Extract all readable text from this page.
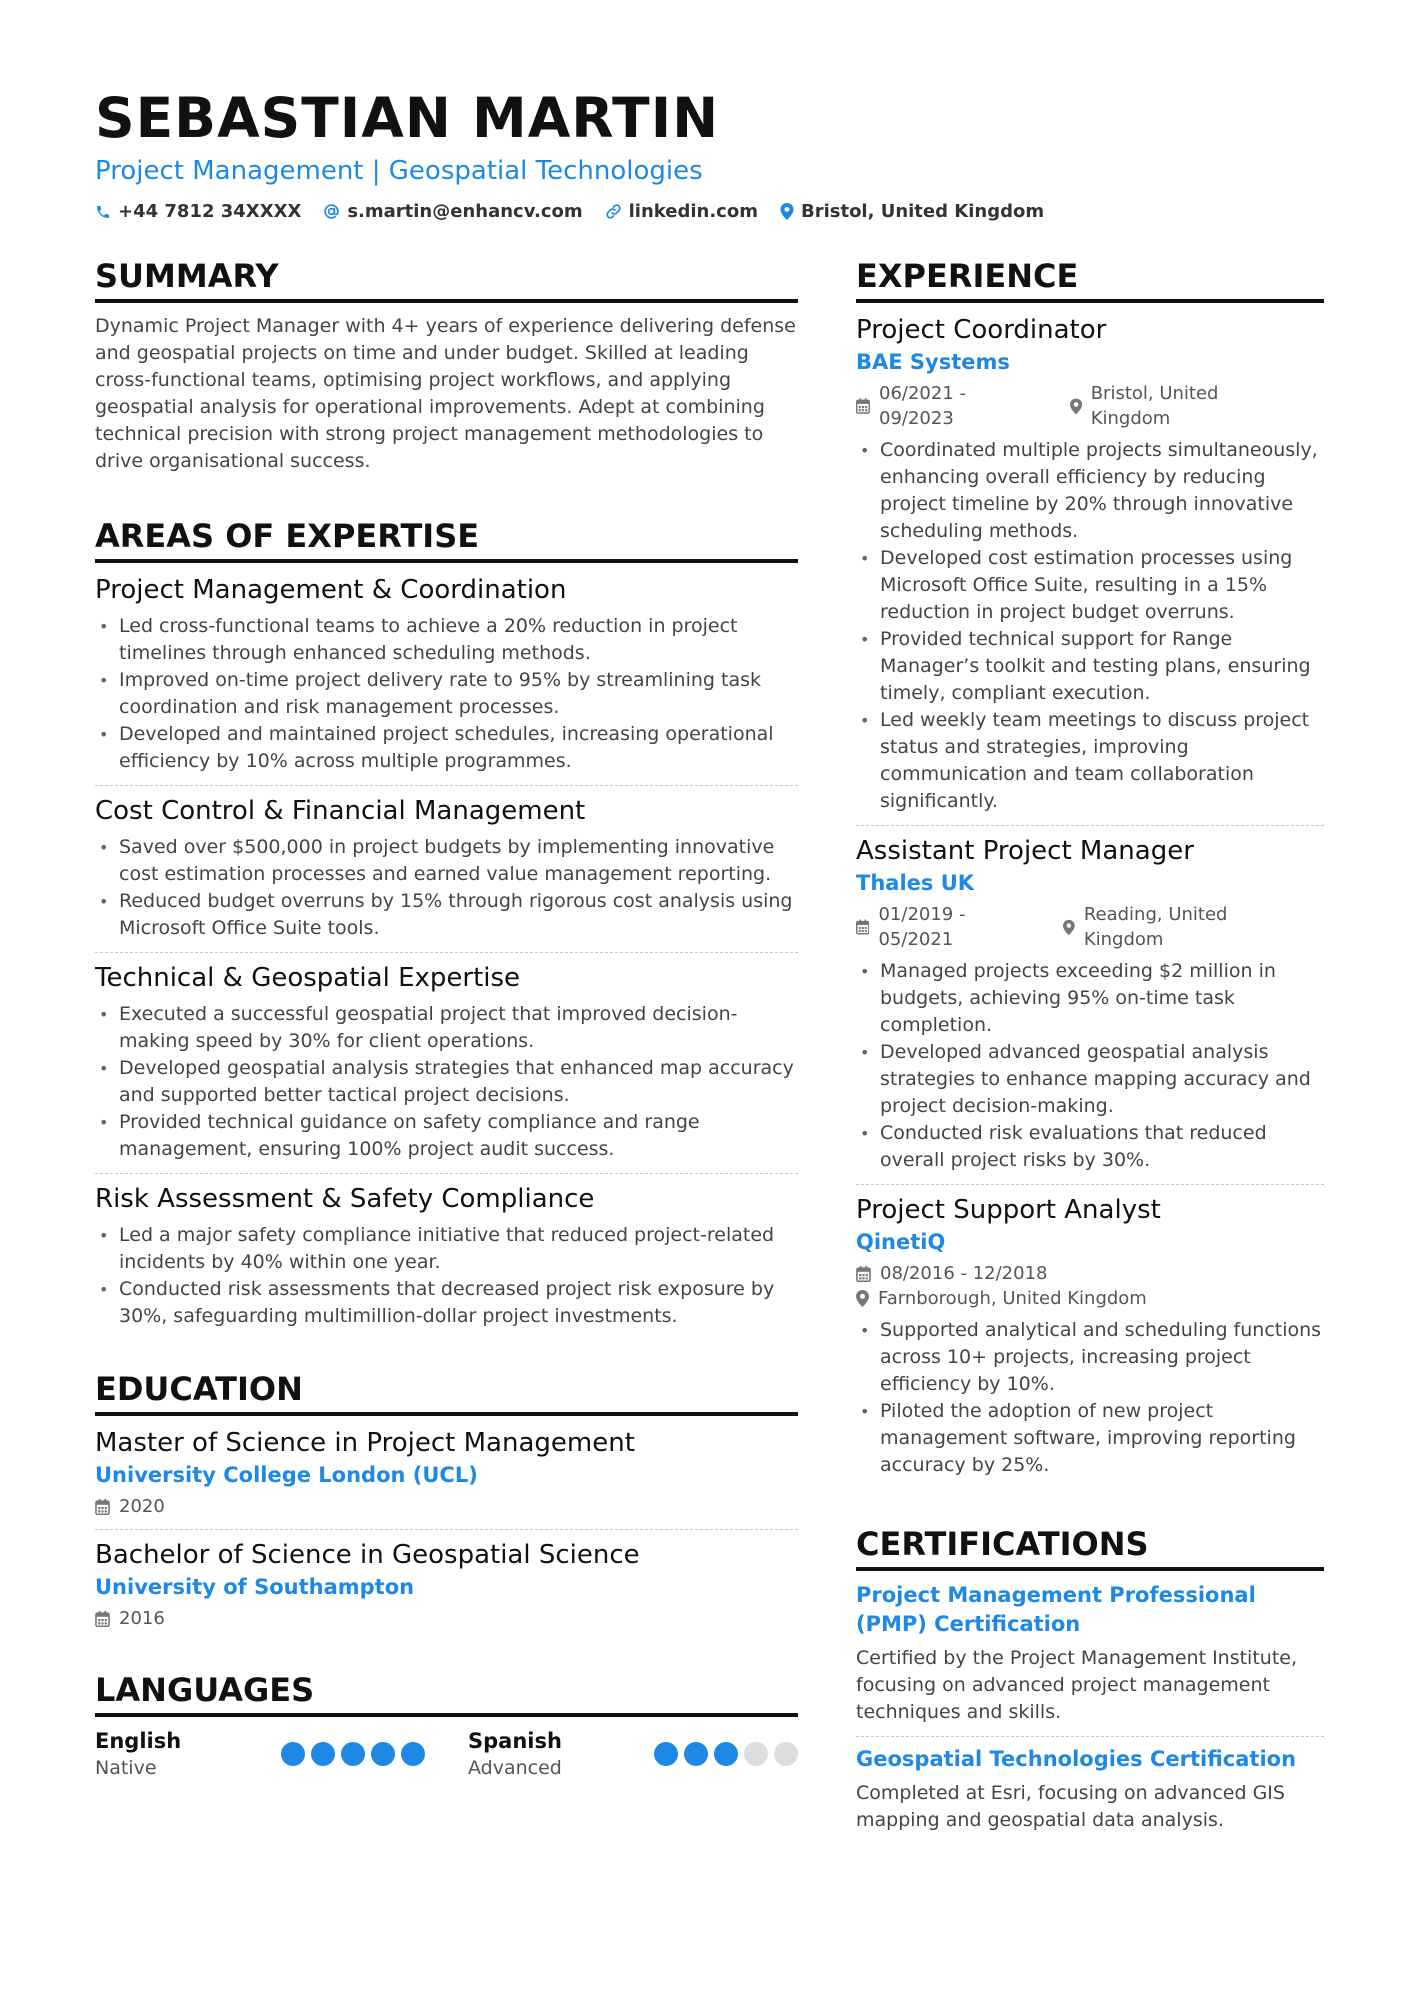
SEBASTIAN MARTIN
Project Management | Geospatial Technologies
+44 7812 34XXXX	s.martin@enhancv.com	linkedin.com Bristol, United Kingdom
SUMMARY
Dynamic Project Manager with 4+ years of experience delivering defense and geospatial projects on time and under budget. Skilled at leading cross-functional teams, optimising project workflows, and applying geospatial analysis for operational improvements. Adept at combining technical precision with strong project management methodologies to drive organisational success.
AREAS OF EXPERTISE
Project Management & Coordination
• Led cross-functional teams to achieve a 20% reduction in project timelines through enhanced scheduling methods.
• Improved on-time project delivery rate to 95% by streamlining task coordination and risk management processes.
• Developed and maintained project schedules, increasing operational efficiency by 10% across multiple programmes.
Cost Control & Financial Management
• Saved over $500,000 in project budgets by implementing innovative cost estimation processes and earned value management reporting.
• Reduced budget overruns by 15% through rigorous cost analysis using Microsoft Office Suite tools.
Technical & Geospatial Expertise
• Executed a successful geospatial project that improved decision-making speed by 30% for client operations.
• Developed geospatial analysis strategies that enhanced map accuracy and supported better tactical project decisions.
• Provided technical guidance on safety compliance and range management, ensuring 100% project audit success.
Risk Assessment & Safety Compliance
• Led a major safety compliance initiative that reduced project-related incidents by 40% within one year.
• Conducted risk assessments that decreased project risk exposure by 30%, safeguarding multimillion-dollar project investments.
EDUCATION
Master of Science in Project Management
University College London (UCL)
2020
Bachelor of Science in Geospatial Science
University of Southampton
2016
LANGUAGES
English
Native
Spanish
Advanced
EXPERIENCE
Project Coordinator
BAE Systems
06/2021 - 09/2023
Bristol, United Kingdom
• Coordinated multiple projects simultaneously, enhancing overall efficiency by reducing project timeline by 20% through innovative scheduling methods.
• Developed cost estimation processes using Microsoft Office Suite, resulting in a 15% reduction in project budget overruns.
• Provided technical support for Range Manager’s toolkit and testing plans, ensuring timely, compliant execution.
• Led weekly team meetings to discuss project status and strategies, improving communication and team collaboration significantly.
Assistant Project Manager
Thales UK
01/2019 - 05/2021
Reading, United Kingdom
• Managed projects exceeding $2 million in budgets, achieving 95% on-time task completion.
• Developed advanced geospatial analysis strategies to enhance mapping accuracy and project decision-making.
• Conducted risk evaluations that reduced overall project risks by 30%.
Project Support Analyst
QinetiQ
08/2016 - 12/2018
Farnborough, United Kingdom
• Supported analytical and scheduling functions across 10+ projects, increasing project efficiency by 10%.
• Piloted the adoption of new project management software, improving reporting accuracy by 25%.
CERTIFICATIONS
Project Management Professional (PMP) Certification
Certified by the Project Management Institute, focusing on advanced project management techniques and skills.
Geospatial Technologies Certification
Completed at Esri, focusing on advanced GIS mapping and geospatial data analysis.
